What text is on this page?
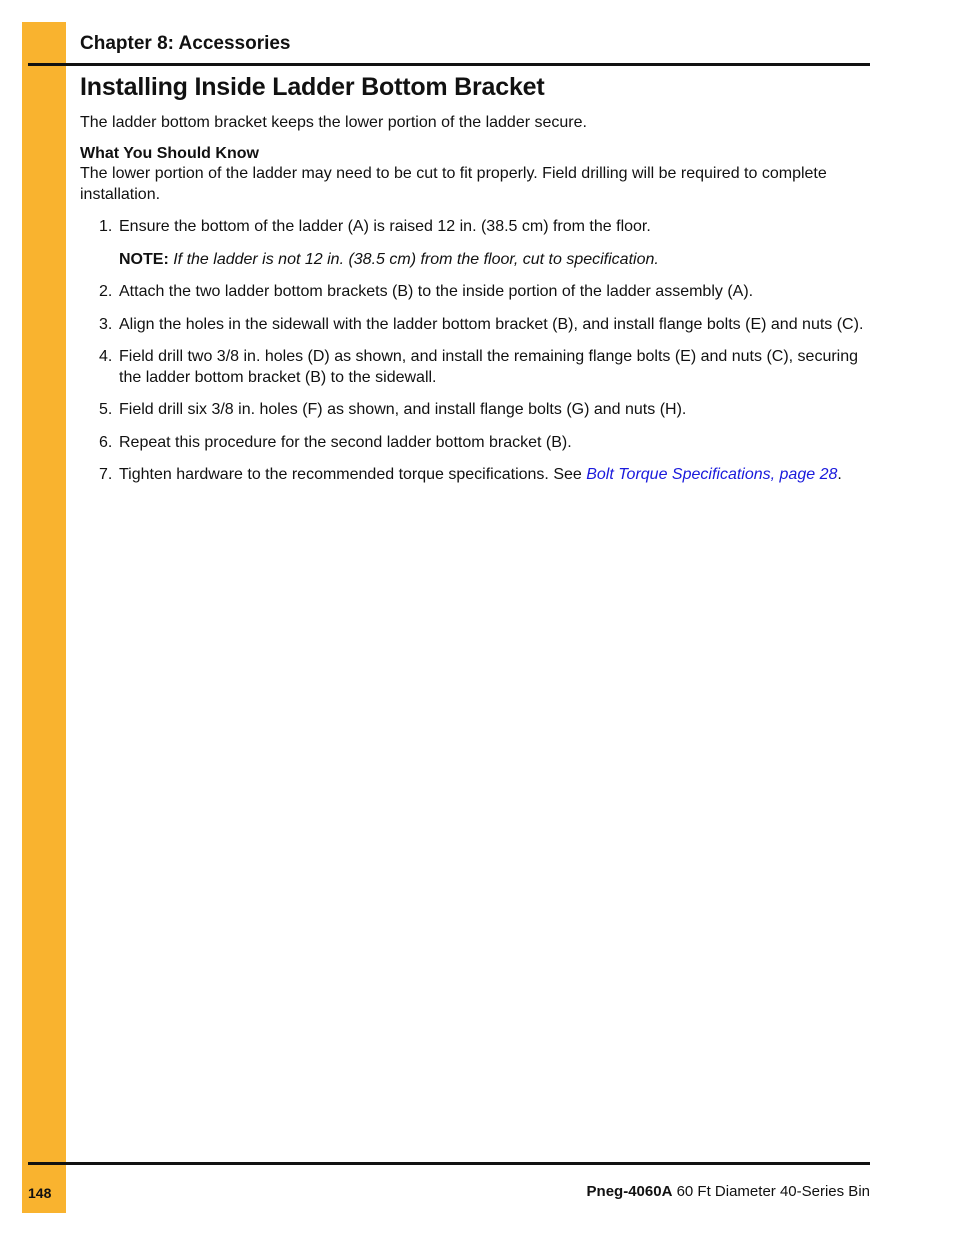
Chapter 8: Accessories
Installing Inside Ladder Bottom Bracket

The ladder bottom bracket keeps the lower portion of the ladder secure.

What You Should Know

The lower portion of the ladder may need to be cut to fit properly. Field drilling will be required to complete installation.

1. Ensure the bottom of the ladder (A) is raised 12 in. (38.5 cm) from the floor.

NOTE: If the ladder is not 12 in. (38.5 cm) from the floor, cut to specification.

2. Attach the two ladder bottom brackets (B) to the inside portion of the ladder assembly (A).
3. Align the holes in the sidewall with the ladder bottom bracket (B), and install flange bolts (E) and nuts (C).
4. Field drill two 3/8 in. holes (D) as shown, and install the remaining flange bolts (E) and nuts (C), securing the ladder bottom bracket (B) to the sidewall.
5. Field drill six 3/8 in. holes (F) as shown, and install flange bolts (G) and nuts (H).
6. Repeat this procedure for the second ladder bottom bracket (B).
7. Tighten hardware to the recommended torque specifications. See Bolt Torque Specifications, page 28.
148	Pneg-4060A 60 Ft Diameter 40-Series Bin
